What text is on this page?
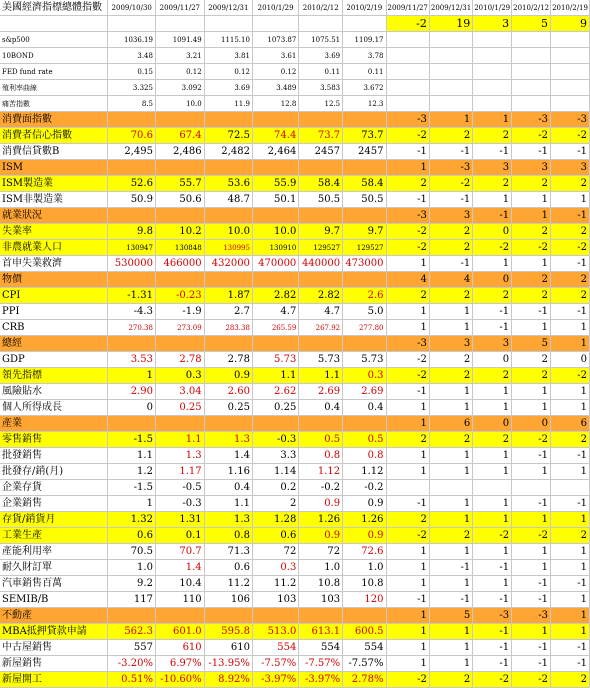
美國經濟指標總體指數	2009/10/30	2009/11/27	2009/12/31	2010/1/29	2010/2/12	2010/2/19	2009/11/27	2009/12/31	2010/1/29	2010/2/12	2010/2/19
							-2	19	3	5	9
s&p500	1036.19	1091.49	1115.10	1073.87	1075.51	1109.17					
10BOND	3.48	3.21	3.81	3.61	3.69	3.78					
FED fund rate	0.15	0.12	0.12	0.12	0.11	0.11					
殖利率曲線	3.325	3.092	3.69	3.489	3.583	3.672					
痛苦指數	8.5	10.0	11.9	12.8	12.5	12.3					
消費面指數							-3	1	1	-3	-3
消費者信心指數	70.6	67.4	72.5	74.4	73.7	73.7	-2	2	2	-2	-2
消費信貸數B	2,495	2,486	2,482	2,464	2457	2457	-1	-1	-1	-1	-1
ISM							1	-3	3	3	3
ISM製造業	52.6	55.7	53.6	55.9	58.4	58.4	2	-2	2	2	2
ISM非製造業	50.9	50.6	48.7	50.1	50.5	50.5	-1	-1	1	1	1
就業狀況							-3	3	-1	1	-1
失業率	9.8	10.2	10.0	10.0	9.7	9.7	-2	2	0	2	2
非農就業人口	130947	130848	130995	130910	129527	129527	-2	2	-2	-2	-2
首申失業救濟	530000	466000	432000	470000	440000	473000	1	-1	1	1	-1
物價							4	4	0	2	2
CPI	-1.31	-0.23	1.87	2.82	2.82	2.6	2	2	2	2	2
PPI	-4.3	-1.9	2.7	4.7	4.7	5.0	1	1	-1	-1	-1
CRB	270.38	273.09	283.38	265.59	267.92	277.80	1	1	-1	1	1
總經							-3	3	3	5	1
GDP	3.53	2.78	2.78	5.73	5.73	5.73	-2	2	0	2	0
領先指標	1	0.3	0.9	1.1	1.1	0.3	-2	2	2	2	-2
風險貼水	2.90	3.04	2.60	2.62	2.69	2.69	-1	1	1	1	1
個人所得成長	0	0.25	0.25	0.25	0.4	0.4	1	1	1	1	1
產業							1	6	0	0	6
零售銷售	-1.5	1.1	1.3	-0.3	0.5	0.5	2	2	2	-2	2
批發銷售	1.1	1.3	1.4	3.3	0.8	0.8	1	1	1	-1	-1
批發存/銷(月)	1.2	1.17	1.16	1.14	1.12	1.12	1	1	1	1	1
企業存貨	-1.5	-0.5	0.4	0.2	-0.2	-0.2					
企業銷售	1	-0.3	1.1	2	0.9	0.9	-1	1	1	-1	-1
存貨/銷貨月	1.32	1.31	1.3	1.28	1.26	1.26	2	1	1	1	1
工業生產	0.6	0.1	0.8	0.6	0.9	0.9	-2	2	-2	-2	2
產能利用率	70.5	70.7	71.3	72	72	72.6	1	1	1	1	1
耐久財訂單	1.0	1.4	0.6	0.3	1.0	1.0	1	-1	-1	1	1
汽車銷售百萬	9.2	10.4	11.2	11.2	10.8	10.8	1	1	1	-1	-1
SEMIB/B	117	110	106	103	103	120	-1	-1	-1	-1	1
不動產							1	5	-3	-3	1
MBA抵押貸款申請	562.3	601.0	595.8	513.0	613.1	600.5	1	1	-1	1	1
中古屋銷售	557	610	610	554	554	554	1	1	-1	-1	-1
新屋銷售	-3.20%	6.97%	-13.95%	-7.57%	-7.57%	-7.57%	1	1	-1	-1	-1
新屋開工	0.51%	-10.60%	8.92%	-3.97%	-3.97%	2.78%	-2	2	-2	-2	2
